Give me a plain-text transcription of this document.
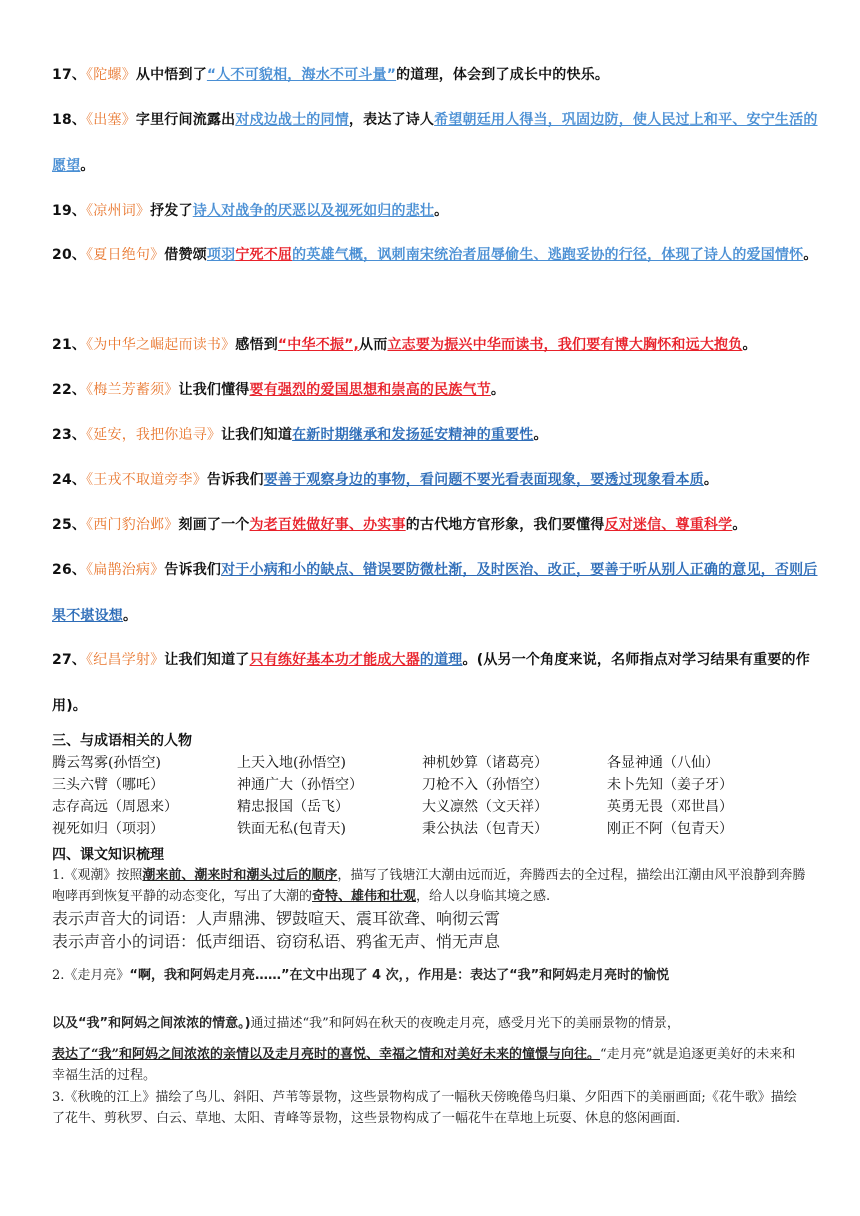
17、《陀螺》从中悟到了“人不可貌相，海水不可斗量”的道理，体会到了成长中的快乐。
18、《出塞》字里行间流露出对戍边战士的同情，表达了诗人希望朝廷用人得当，巩固边防，使人民过上和平、安宁生活的愿望。
19、《凉州词》抒发了诗人对战争的厌恶以及视死如归的悲壮。
20、《夏日绝句》借赞颂项羽宁死不屈的英雄气概，讽刺南宋统治者屈辱偷生、逃跑妥协的行径，体现了诗人的爱国情怀。
21、《为中华之崛起而读书》感悟到“中华不振”,从而立志要为振兴中华而读书，我们要有博大胸怀和远大抱负。
22、《梅兰芳蓄须》让我们懂得要有强烈的爱国思想和崇高的民族气节。
23、《延安，我把你追寻》让我们知道在新时期继承和发扬延安精神的重要性。
24、《王戎不取道旁李》告诉我们要善于观察身边的事物，看问题不要光看表面现象，要透过现象看本质。
25、《西门豹治邺》刻画了一个为老百姓做好事、办实事的古代地方官形象，我们要懂得反对迷信、尊重科学。
26、《扁鹊治病》告诉我们对于小病和小的缺点、错误要防微杜渐，及时医治、改正，要善于听从别人正确的意见，否则后果不堪设想。
27、《纪昌学射》让我们知道了只有练好基本功才能成大器的道理。(从另一个角度来说，名师指点对学习结果有重要的作用)。
三、与成语相关的人物
腾云驾雾(孙悟空)	上天入地(孙悟空)	神机妙算（诸葛亮）	各显神通（八仙）
三头六臂（哪吒）	神通广大（孙悟空）	刀枪不入（孙悟空）	未卜先知（姜子牙）
志存高远（周恩来）	精忠报国（岳飞）	大义凛然（文天祥）	英勇无畏（邓世昌）
视死如归（项羽）	铁面无私(包青天)	秉公执法（包青天）	刚正不阿（包青天）
四、课文知识梳理
1.《观潮》按照潮来前、潮来时和潮头过后的顺序，描写了钱塘江大潮由远而近，奔腾西去的全过程，描绘出江潮由风平浪静到奔腾咆哮再到恢复平静的动态变化，写出了大潮的奇特、雄伟和壮观，给人以身临其境之感.
表示声音大的词语：人声鼎沸、锣鼓喧天、震耳欲聋、响彻云霄
表示声音小的词语：低声细语、窃窃私语、鸦雀无声、悄无声息
2.《走月亮》“啊，我和阿妈走月亮……”在文中出现了 4 次，，作用是：表达了“我”和阿妈走月亮时的愉悦
以及“我”和阿妈之间浓浓的情意。)通过描述“我”和阿妈在秋天的夜晚走月亮，感受月光下的美丽景物的情景，
表达了“我”和阿妈之间浓浓的亲情以及走月亮时的喜悦、幸福之情和对美好未来的憧憬与向往。“走月亮”就是追逐更美好的未来和幸福生活的过程。
3.《秋晚的江上》描绘了鸟儿、斜阳、芦苇等景物，这些景物构成了一幅秋天傍晚倦鸟归巢、夕阳西下的美丽画面;《花牛歌》描绘了花牛、剪秋罗、白云、草地、太阳、青峰等景物，这些景物构成了一幅花牛在草地上玩耍、休息的悠闲画面.
